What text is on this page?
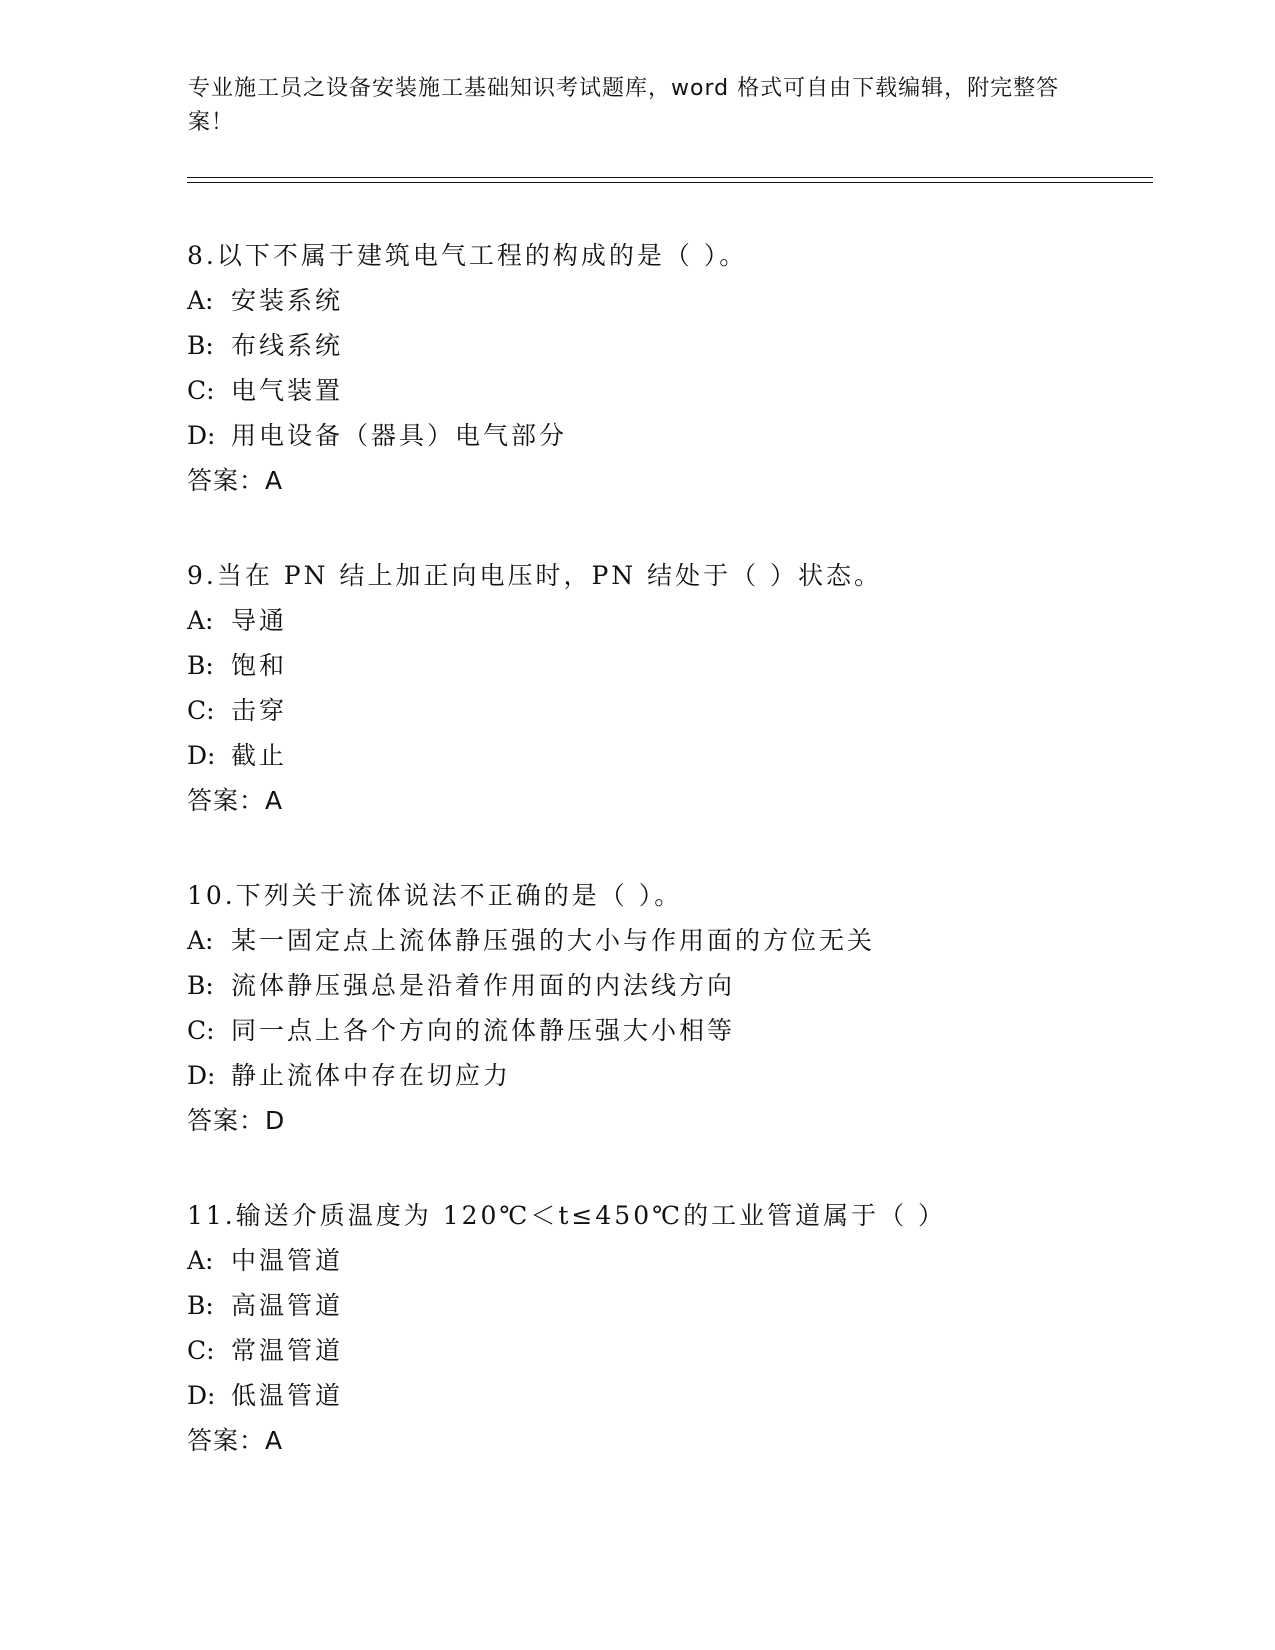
专业施工员之设备安装施工基础知识考试题库，word 格式可自由下载编辑，附完整答案！
8.以下不属于建筑电气工程的构成的是（ ）。
A: 安装系统
B: 布线系统
C: 电气装置
D: 用电设备（器具）电气部分
答案：A
9.当在 PN 结上加正向电压时，PN 结处于（ ）状态。
A: 导通
B: 饱和
C: 击穿
D: 截止
答案：A
10.下列关于流体说法不正确的是（ ）。
A: 某一固定点上流体静压强的大小与作用面的方位无关
B: 流体静压强总是沿着作用面的内法线方向
C: 同一点上各个方向的流体静压强大小相等
D: 静止流体中存在切应力
答案：D
11.输送介质温度为 120℃＜t≤450℃的工业管道属于（ ）
A: 中温管道
B: 高温管道
C: 常温管道
D: 低温管道
答案：A
